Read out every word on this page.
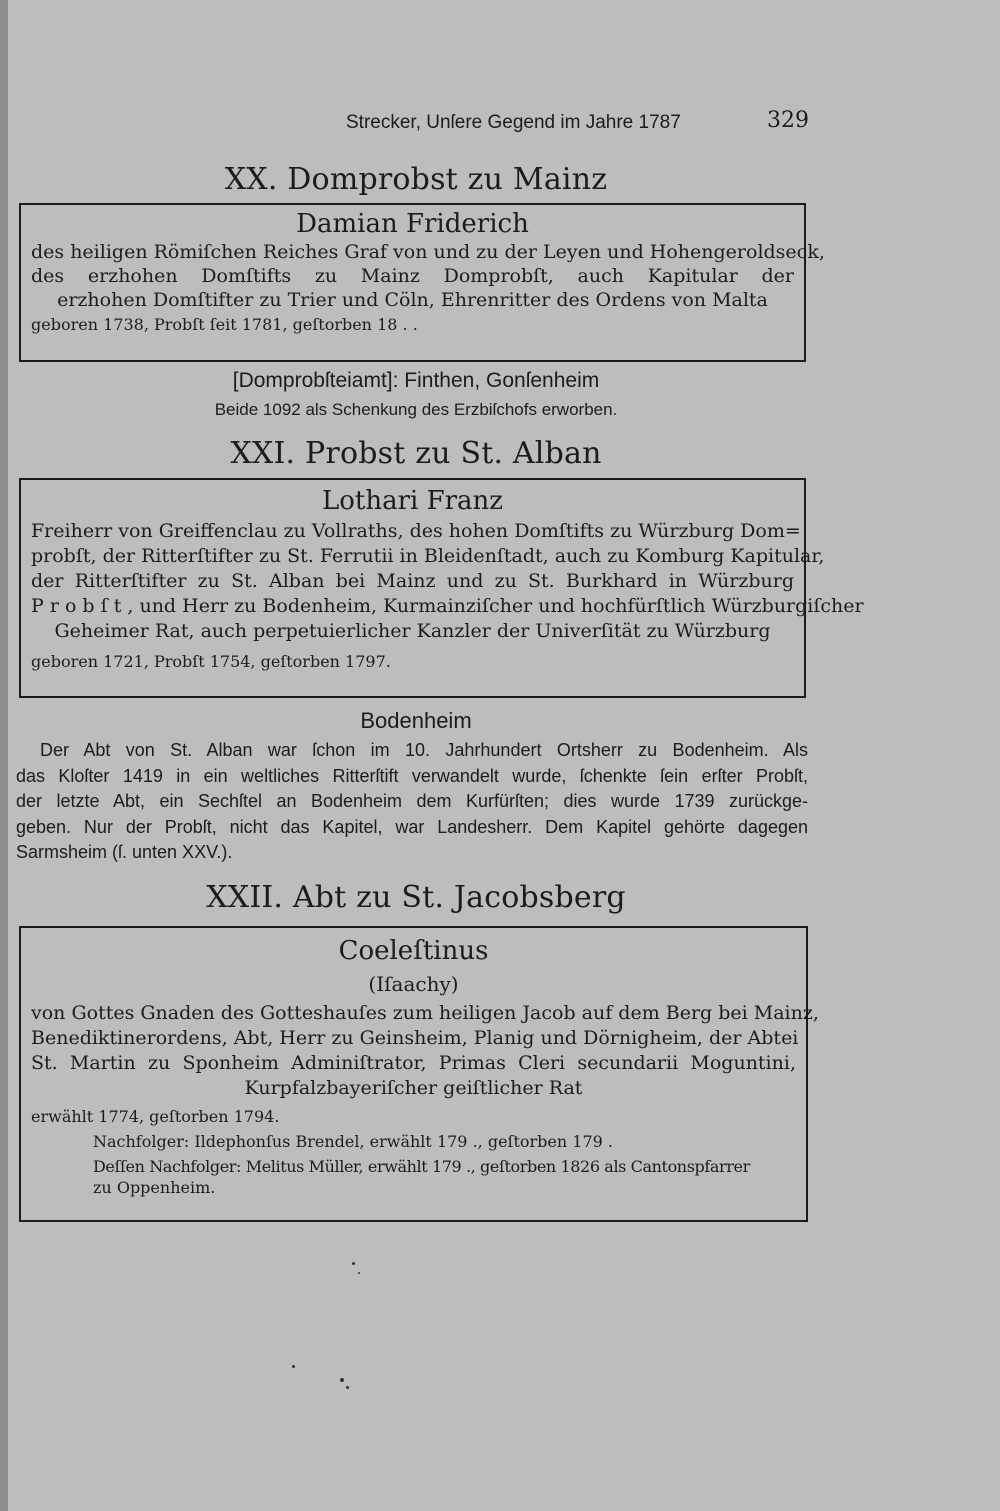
Strecker, Unſere Gegend im Jahre 1787	329
XX. Domprobst zu Mainz

Damian Friderich

des heiligen Römiſchen Reiches Graf von und zu der Leyen und Hohengeroldseck,

des erzhohen Domſtifts zu Mainz Domprobſt, auch Kapitular der

erzhohen Domſtifter zu Trier und Cöln, Ehrenritter des Ordens von Malta

geboren 1738, Probſt ſeit 1781, geſtorben 18 . .

[Domprobſteiamt]: Finthen, Gonſenheim
Beide 1092 als Schenkung des Erzbiſchofs erworben.
XXI. Probst zu St. Alban

Lothari Franz

Freiherr von Greiffenclau zu Vollraths, des hohen Domſtifts zu Würzburg Dom=

probſt, der Ritterſtifter zu St. Ferrutii in Bleidenſtadt, auch zu Komburg Kapitular,

der Ritterſtifter zu St. Alban bei Mainz und zu St. Burkhard in Würzburg

P r o b ſ t , und Herr zu Bodenheim, Kurmainziſcher und hochfürſtlich Würzburgiſcher

Geheimer Rat, auch perpetuierlicher Kanzler der Univerſität zu Würzburg

geboren 1721, Probſt 1754, geſtorben 1797.

Bodenheim
Der Abt von St. Alban war ſchon im 10. Jahrhundert Ortsherr zu Bodenheim. Als
das Kloſter 1419 in ein weltliches Ritterſtift verwandelt wurde, ſchenkte ſein erſter Probſt,
der letzte Abt, ein Sechſtel an Bodenheim dem Kurfürſten; dies wurde 1739 zurückge-
geben. Nur der Probſt, nicht das Kapitel, war Landesherr. Dem Kapitel gehörte dagegen
Sarmsheim (ſ. unten XXV.).
XXII. Abt zu St. Jacobsberg

Coeleſtinus

(Iſaachy)

von Gottes Gnaden des Gotteshauſes zum heiligen Jacob auf dem Berg bei Mainz,

Benediktinerordens, Abt, Herr zu Geinsheim, Planig und Dörnigheim, der Abtei

St. Martin zu Sponheim Adminiſtrator, Primas Cleri secundarii Moguntini,

Kurpfalzbayeriſcher geiſtlicher Rat

erwählt 1774, geſtorben 1794.

Nachfolger: Ildephonſus Brendel, erwählt 179 ., geſtorben 179 .

Deſſen Nachfolger: Melitus Müller, erwählt 179 ., geſtorben 1826 als Cantonspfarrer

zu Oppenheim.
